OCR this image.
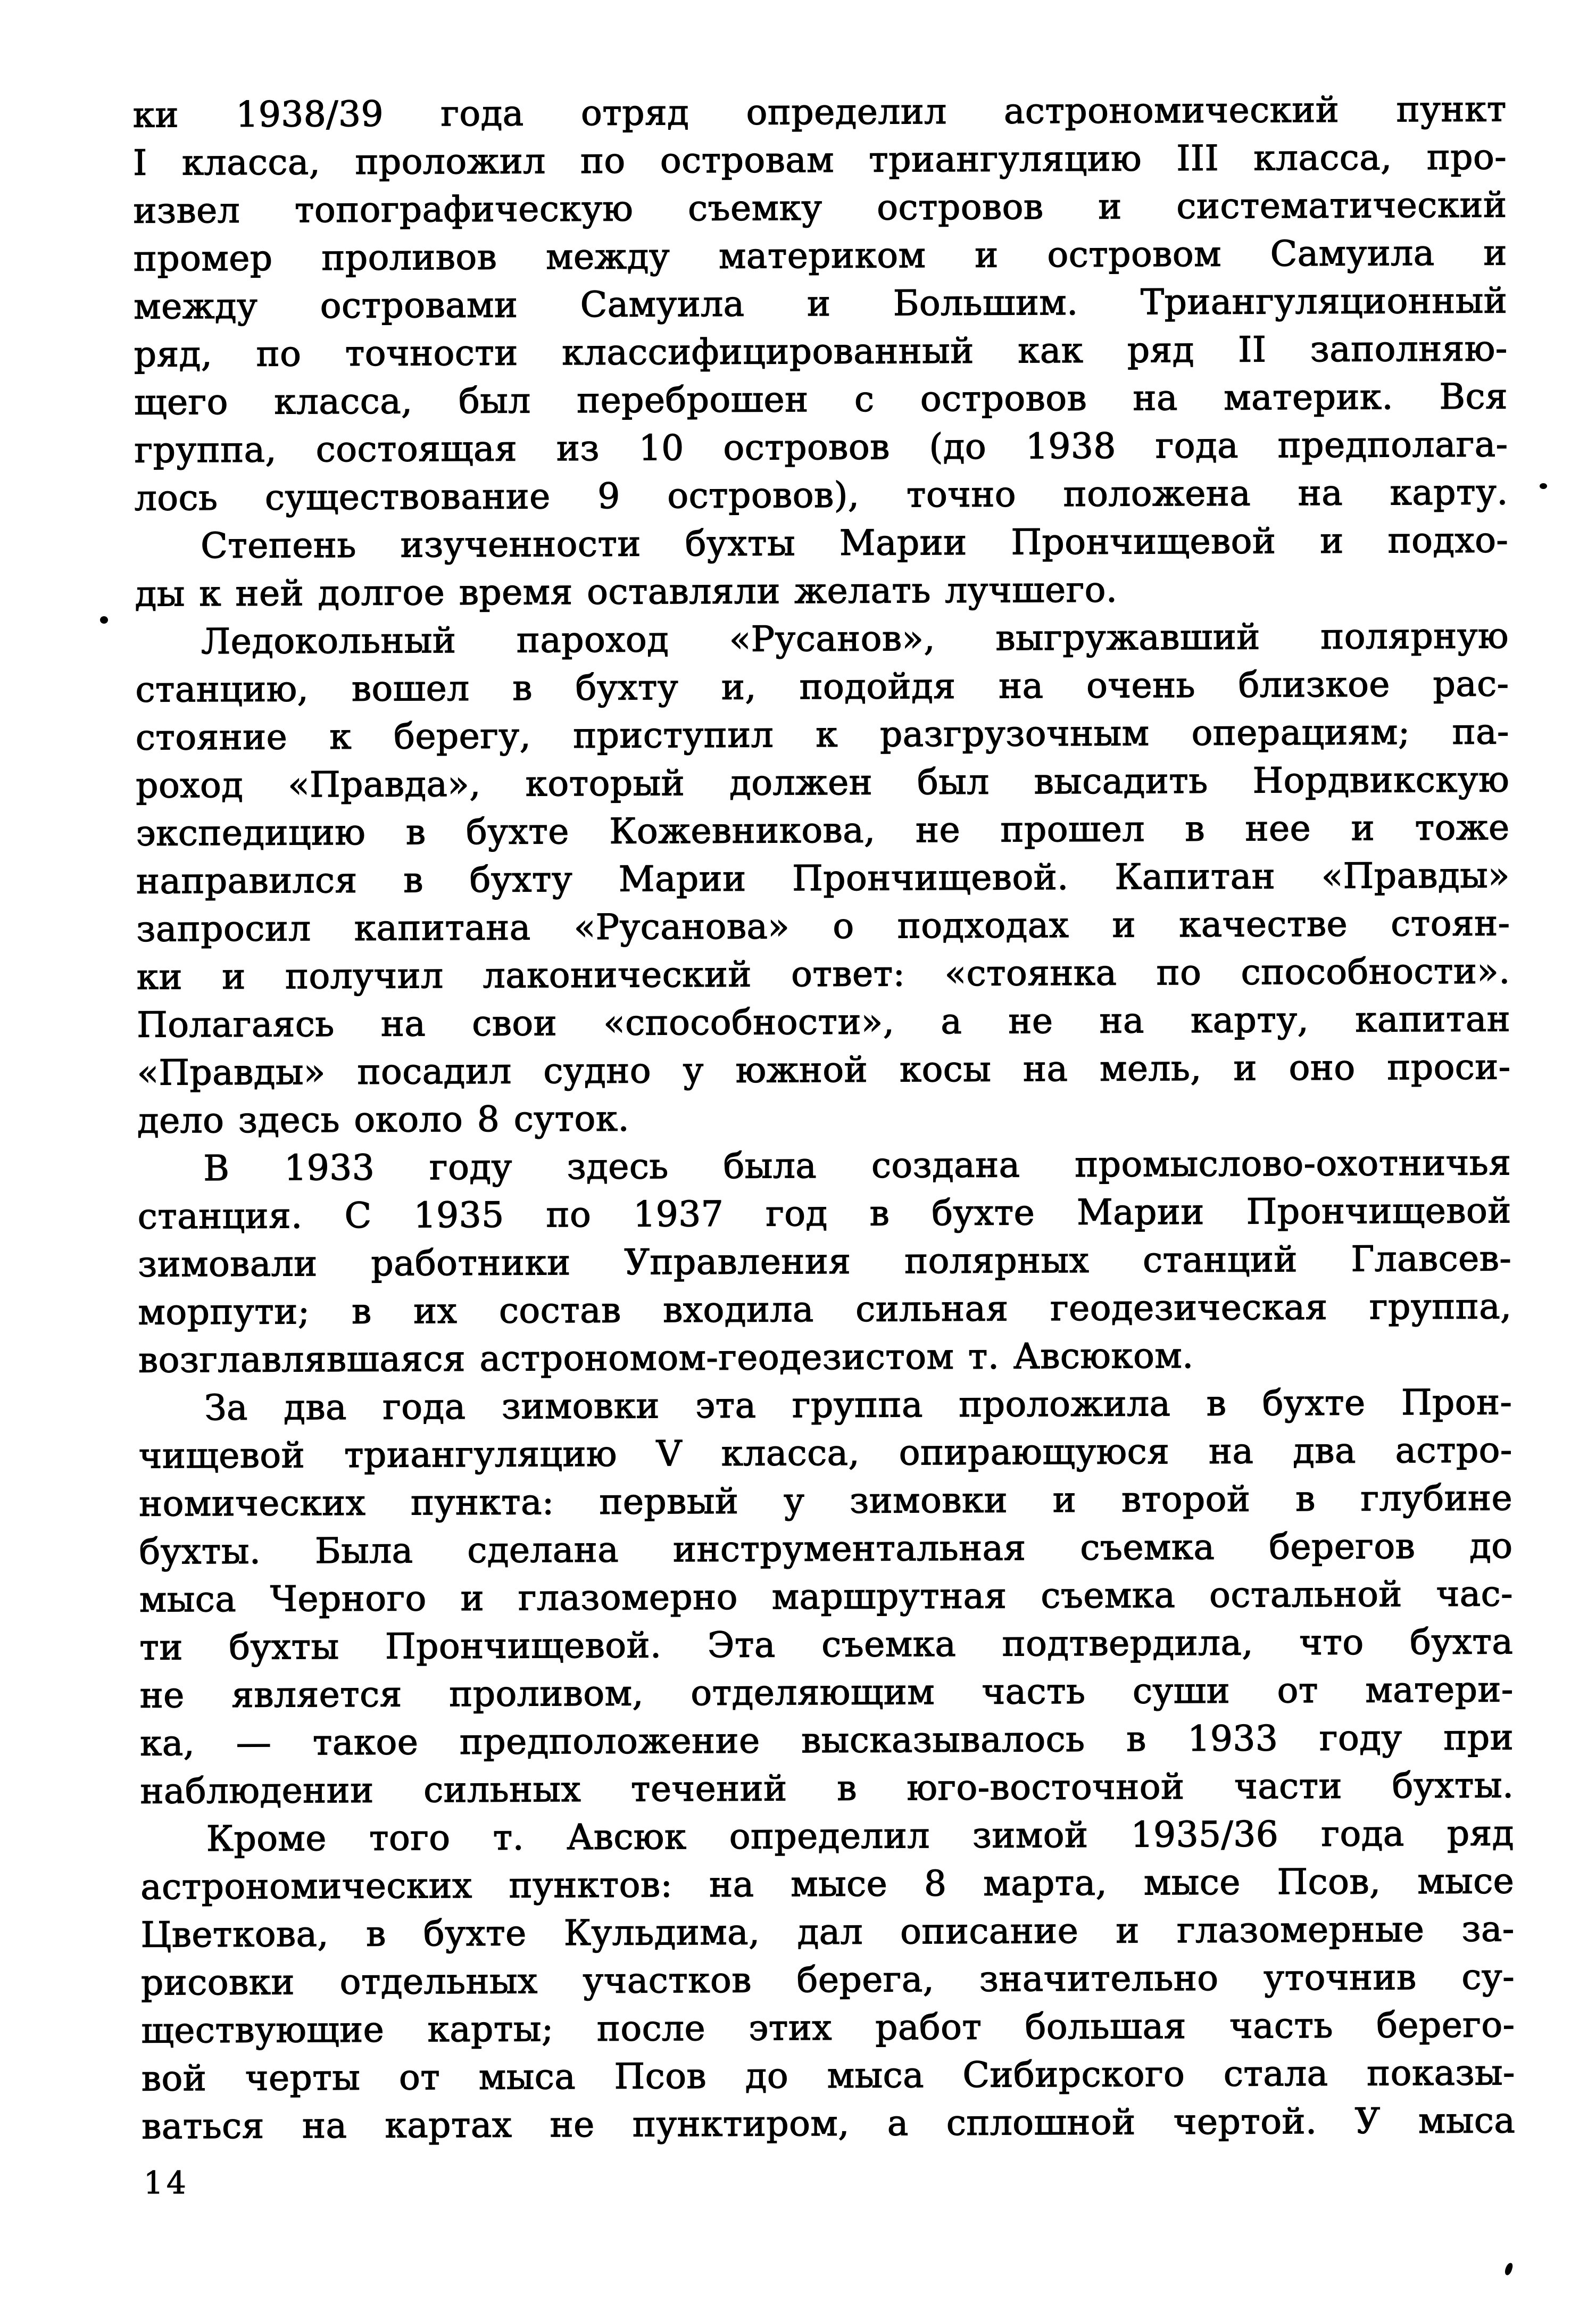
ки 1938/39 года отряд определил астрономический пункт
I класса, проложил по островам триангуляцию III класса, про-
извел топографическую съемку островов и систематический
промер проливов между материком и островом Самуила и
между островами Самуила и Большим. Триангуляционный
ряд, по точности классифицированный как ряд II заполняю-
щего класса, был переброшен с островов на материк. Вся
группа, состоящая из 10 островов (до 1938 года предполага-
лось существование 9 островов), точно положена на карту.
Степень изученности бухты Марии Прончищевой и подхо-
ды к ней долгое время оставляли желать лучшего.
Ледокольный пароход «Русанов», выгружавший полярную
станцию, вошел в бухту и, подойдя на очень близкое рас-
стояние к берегу, приступил к разгрузочным операциям; па-
роход «Правда», который должен был высадить Нордвикскую
экспедицию в бухте Кожевникова, не прошел в нее и тоже
направился в бухту Марии Прончищевой. Капитан «Правды»
запросил капитана «Русанова» о подходах и качестве стоян-
ки и получил лаконический ответ: «стоянка по способности».
Полагаясь на свои «способности», а не на карту, капитан
«Правды» посадил судно у южной косы на мель, и оно проси-
дело здесь около 8 суток.
В 1933 году здесь была создана промыслово-охотничья
станция. С 1935 по 1937 год в бухте Марии Прончищевой
зимовали работники Управления полярных станций Главсев-
морпути; в их состав входила сильная геодезическая группа,
возглавлявшаяся астрономом-геодезистом т. Авсюком.
За два года зимовки эта группа проложила в бухте Прон-
чищевой триангуляцию V класса, опирающуюся на два астро-
номических пункта: первый у зимовки и второй в глубине
бухты. Была сделана инструментальная съемка берегов до
мыса Черного и глазомерно маршрутная съемка остальной час-
ти бухты Прончищевой. Эта съемка подтвердила, что бухта
не является проливом, отделяющим часть суши от матери-
ка, — такое предположение высказывалось в 1933 году при
наблюдении сильных течений в юго-восточной части бухты.
Кроме того т. Авсюк определил зимой 1935/36 года ряд
астрономических пунктов: на мысе 8 марта, мысе Псов, мысе
Цветкова, в бухте Кульдима, дал описание и глазомерные за-
рисовки отдельных участков берега, значительно уточнив су-
ществующие карты; после этих работ большая часть берего-
вой черты от мыса Псов до мыса Сибирского стала показы-
ваться на картах не пунктиром, а сплошной чертой. У мыса
14
